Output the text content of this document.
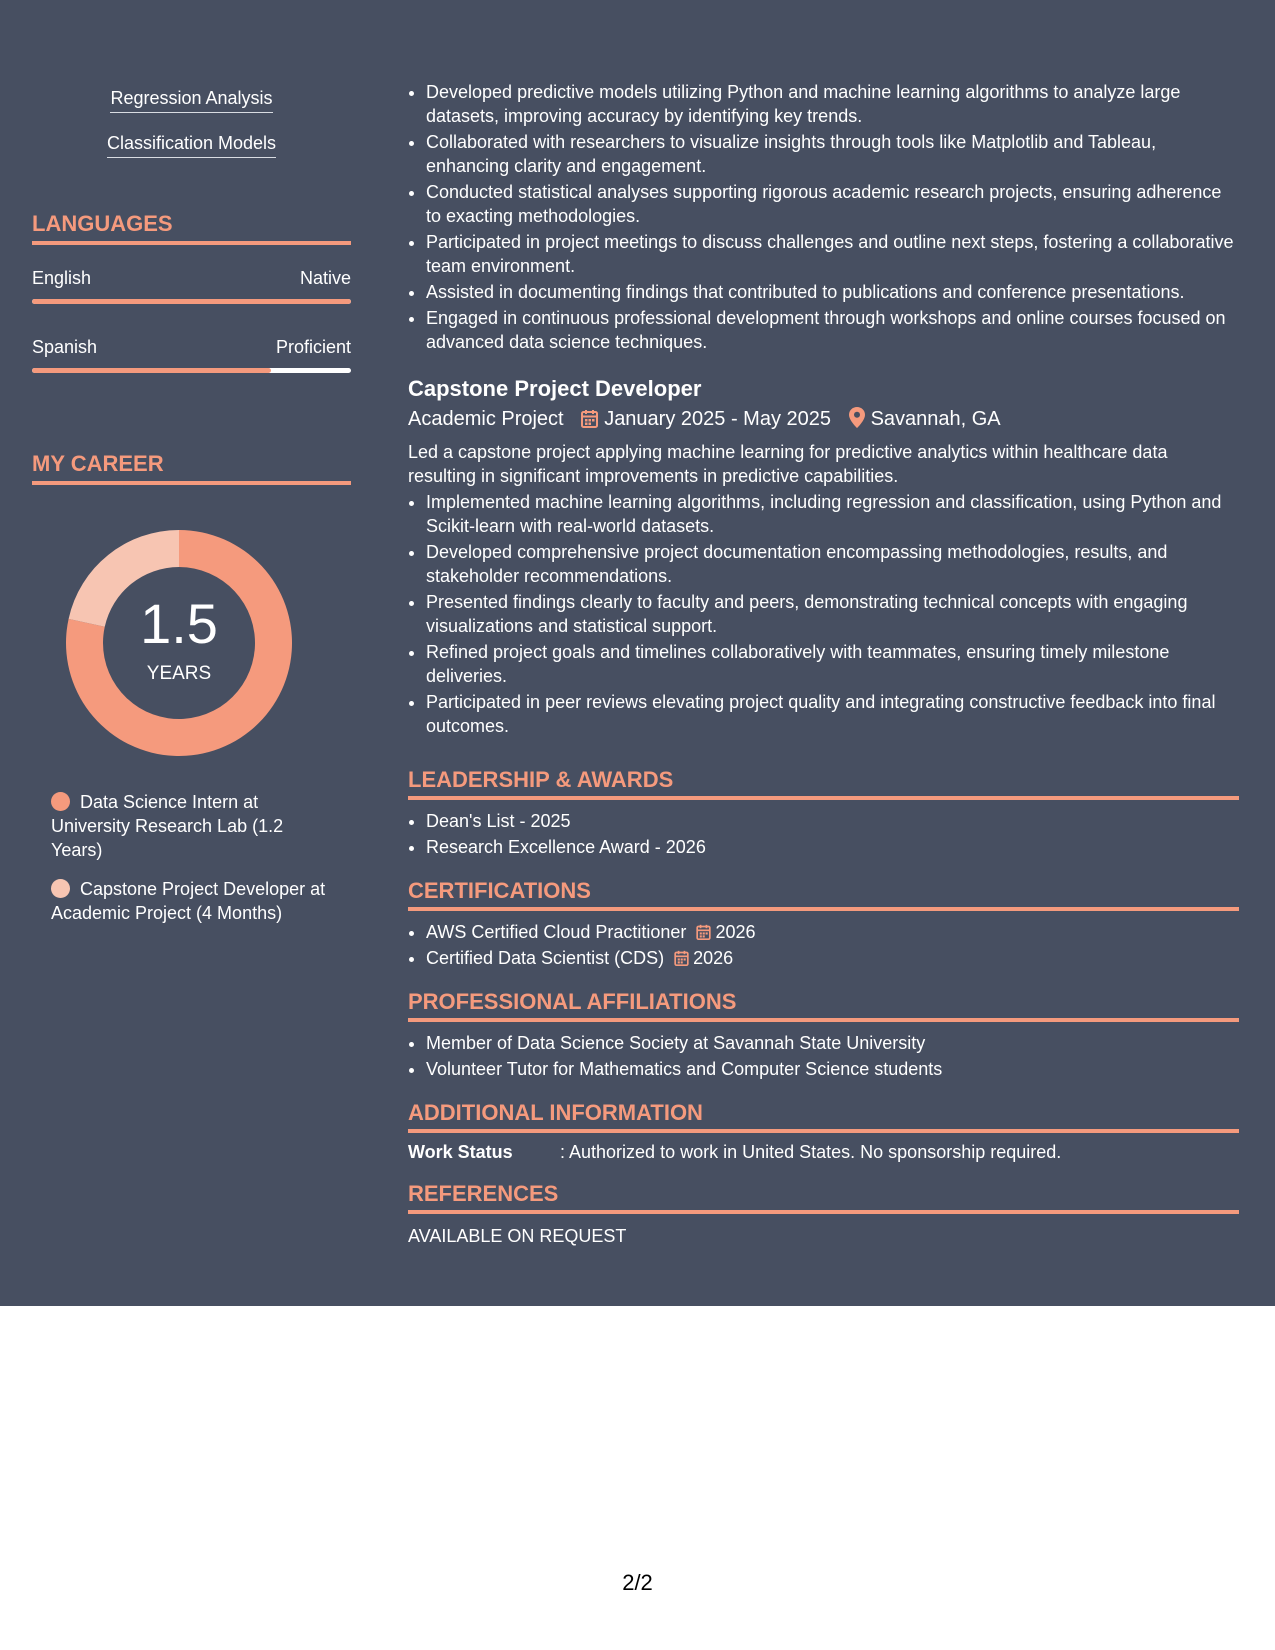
Regression Analysis
Classification Models
LANGUAGES
English	Native
Spanish	Proficient
MY CAREER
1.5
YEARS
Data Science Intern at University Research Lab (1.2 Years)
Capstone Project Developer at Academic Project (4 Months)
• Developed predictive models utilizing Python and machine learning algorithms to analyze large datasets, improving accuracy by identifying key trends.
• Collaborated with researchers to visualize insights through tools like Matplotlib and Tableau, enhancing clarity and engagement.
• Conducted statistical analyses supporting rigorous academic research projects, ensuring adherence to exacting methodologies.
• Participated in project meetings to discuss challenges and outline next steps, fostering a collaborative team environment.
• Assisted in documenting findings that contributed to publications and conference presentations.
• Engaged in continuous professional development through workshops and online courses focused on advanced data science techniques.
Capstone Project Developer
Academic Project January 2025 - May 2025 Savannah, GA
Led a capstone project applying machine learning for predictive analytics within healthcare data resulting in significant improvements in predictive capabilities.
• Implemented machine learning algorithms, including regression and classification, using Python and Scikit-learn with real-world datasets.
• Developed comprehensive project documentation encompassing methodologies, results, and stakeholder recommendations.
• Presented findings clearly to faculty and peers, demonstrating technical concepts with engaging visualizations and statistical support.
• Refined project goals and timelines collaboratively with teammates, ensuring timely milestone deliveries.
• Participated in peer reviews elevating project quality and integrating constructive feedback into final outcomes.
LEADERSHIP & AWARDS
• Dean's List - 2025
• Research Excellence Award - 2026
CERTIFICATIONS
• AWS Certified Cloud Practitioner 2026
• Certified Data Scientist (CDS) 2026
PROFESSIONAL AFFILIATIONS
• Member of Data Science Society at Savannah State University
• Volunteer Tutor for Mathematics and Computer Science students
ADDITIONAL INFORMATION
Work Status	: Authorized to work in United States. No sponsorship required.
REFERENCES
AVAILABLE ON REQUEST
2/2
